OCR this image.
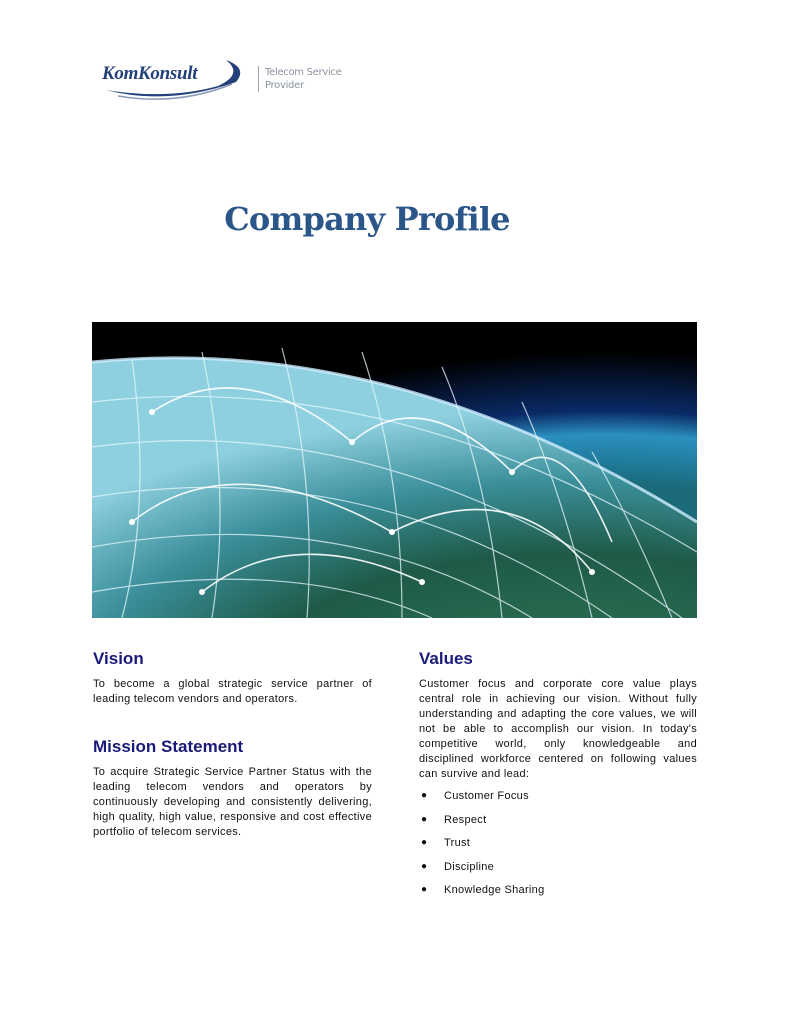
KomKonsult	Telecom Service
Provider
Company Profile
Vision

To become a global strategic service partner of leading telecom vendors and operators.

Mission Statement

To acquire Strategic Service Partner Status with the leading telecom vendors and operators by continuously developing and consistently delivering, high quality, high value, responsive and cost effective portfolio of telecom services.

Values

Customer focus and corporate core value plays central role in achieving our vision. Without fully understanding and adapting the core values, we will not be able to accomplish our vision. In today's competitive world, only knowledgeable and disciplined workforce centered on following values can survive and lead:

●	Customer Focus
●	Respect
●	Trust
●	Discipline
●	Knowledge Sharing
